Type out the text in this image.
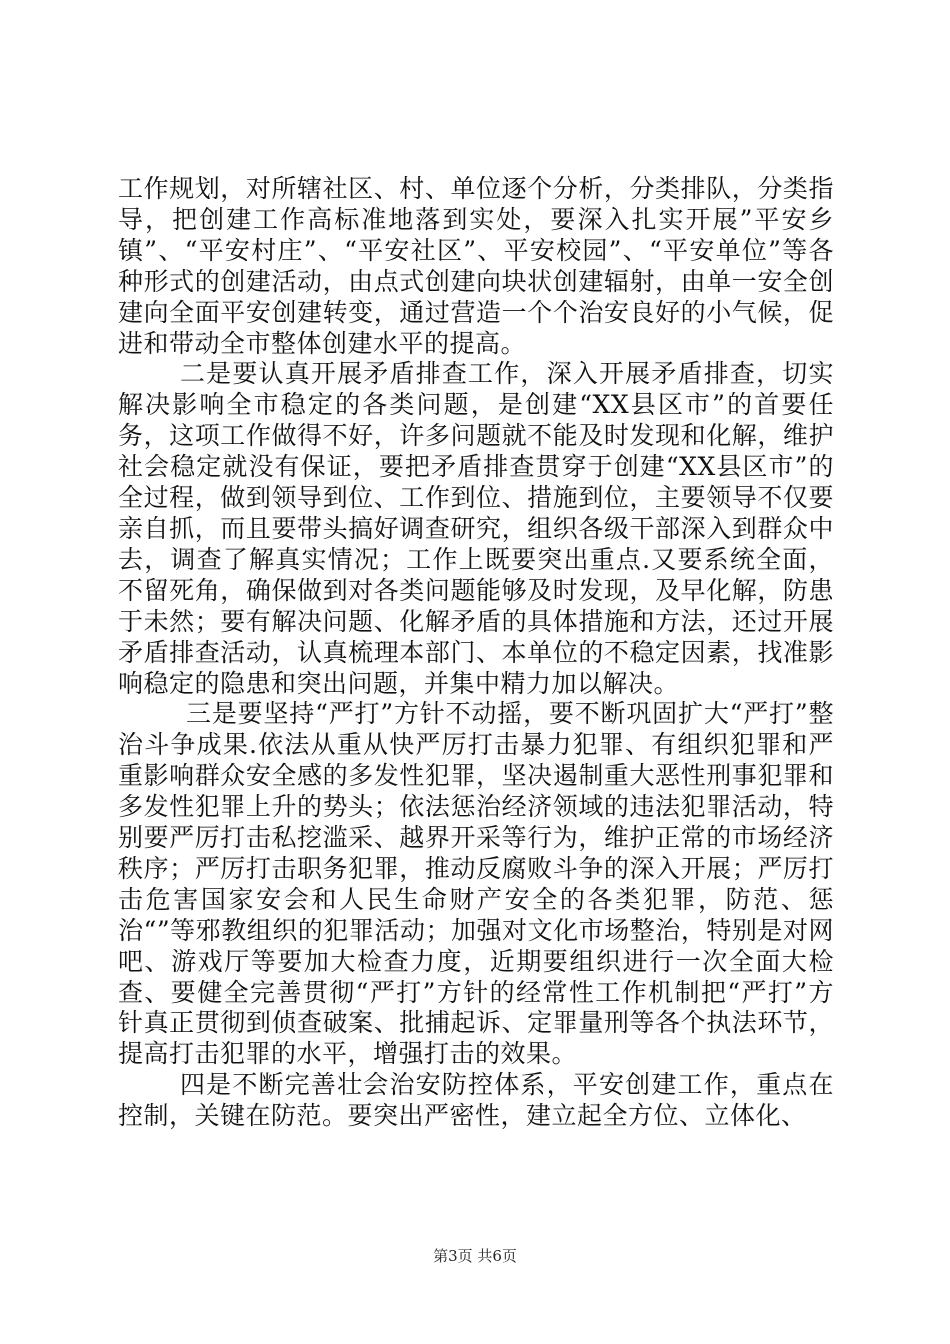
工作规划，对所辖社区、村、单位逐个分析，分类排队，分类指导，把创建工作高标准地落到实处，要深入扎实开展”平安乡镇”、“平安村庄”、“平安社区”、平安校园”、“平安单位”等各种形式的创建活动，由点式创建向块状创建辐射，由单一安全创建向全面平安创建转变，通过营造一个个治安良好的小气候，促进和带动全市整体创建水平的提高。

二是要认真开展矛盾排查工作，深入开展矛盾排查，切实解决影响全市稳定的各类问题，是创建“XX县区市”的首要任务，这项工作做得不好，许多问题就不能及时发现和化解，维护社会稳定就没有保证，要把矛盾排查贯穿于创建“XX县区市”的全过程，做到领导到位、工作到位、措施到位，主要领导不仅要亲自抓，而且要带头搞好调查研究，组织各级干部深入到群众中去，调查了解真实情况；工作上既要突出重点.又要系统全面，不留死角，确保做到对各类问题能够及时发现，及早化解，防患于未然；要有解决问题、化解矛盾的具体措施和方法，还过开展矛盾排查活动，认真梳理本部门、本单位的不稳定因素，找准影响稳定的隐患和突出问题，并集中精力加以解决。

三是要坚持“严打”方针不动摇，要不断巩固扩大“严打”整治斗争成果.依法从重从快严厉打击暴力犯罪、有组织犯罪和严重影响群众安全感的多发性犯罪，坚决遏制重大恶性刑事犯罪和多发性犯罪上升的势头；依法惩治经济领域的违法犯罪活动，特别要严厉打击私挖滥采、越界开采等行为，维护正常的市场经济秩序；严厉打击职务犯罪，推动反腐败斗争的深入开展；严厉打击危害国家安会和人民生命财产安全的各类犯罪，防范、惩治“”等邪教组织的犯罪活动；加强对文化市场整治，特别是对网吧、游戏厅等要加大检查力度，近期要组织进行一次全面大检查、要健全完善贯彻“严打”方针的经常性工作机制把“严打”方针真正贯彻到侦查破案、批捕起诉、定罪量刑等各个执法环节，提高打击犯罪的水平，增强打击的效果。

四是不断完善壮会治安防控体系，平安创建工作，重点在控制，关键在防范。要突出严密性，建立起全方位、立体化、

第3页 共6页
